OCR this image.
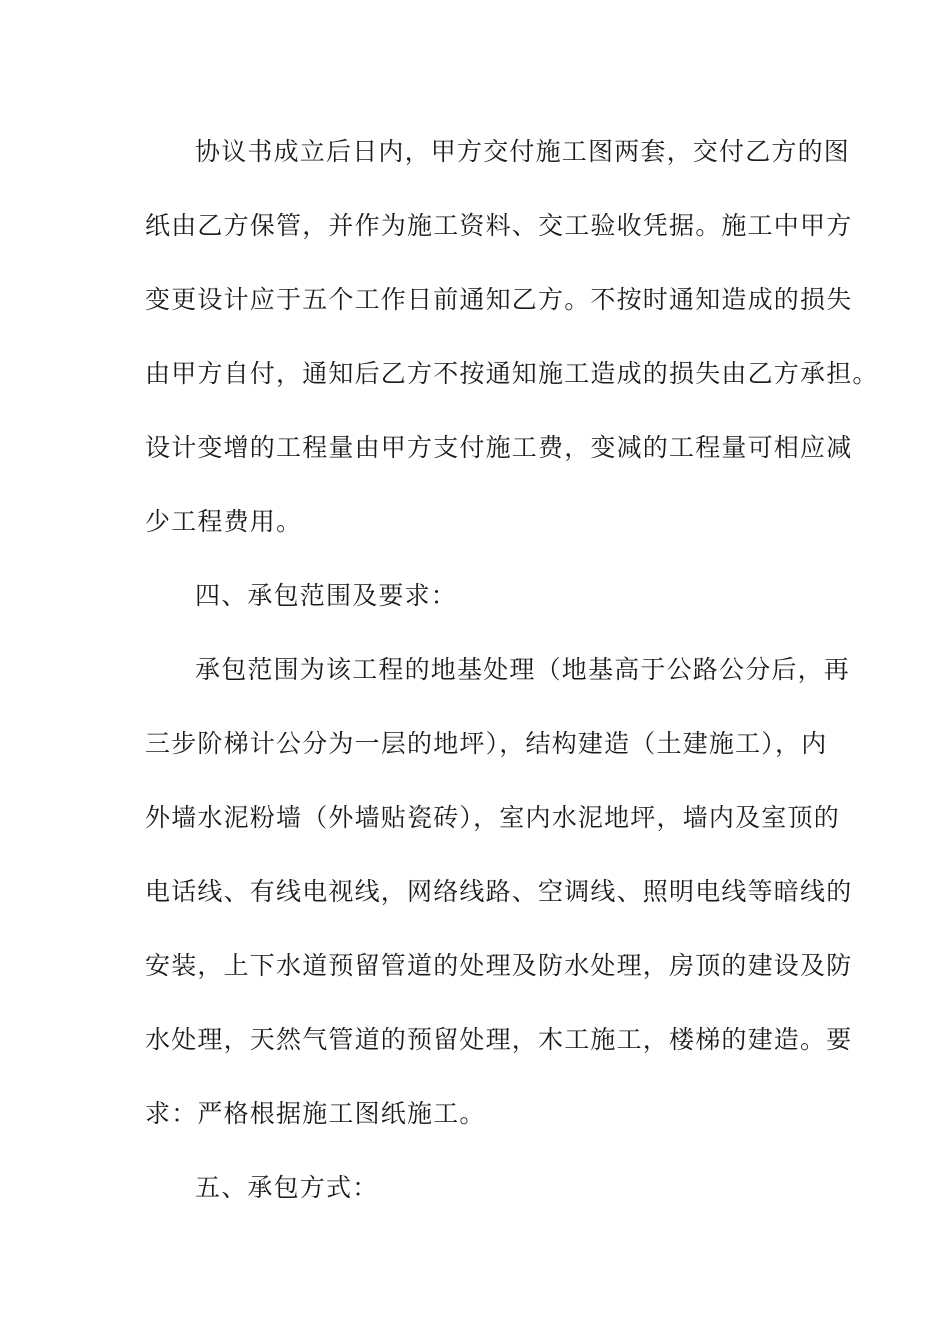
协议书成立后日内，甲方交付施工图两套，交付乙方的图
纸由乙方保管，并作为施工资料、交工验收凭据。施工中甲方
变更设计应于五个工作日前通知乙方。不按时通知造成的损失
由甲方自付，通知后乙方不按通知施工造成的损失由乙方承担。
设计变增的工程量由甲方支付施工费，变减的工程量可相应减
少工程费用。
四、承包范围及要求：
承包范围为该工程的地基处理（地基高于公路公分后，再
三步阶梯计公分为一层的地坪），结构建造（土建施工），内
外墙水泥粉墙（外墙贴瓷砖），室内水泥地坪，墙内及室顶的
电话线、有线电视线，网络线路、空调线、照明电线等暗线的
安装，上下水道预留管道的处理及防水处理，房顶的建设及防
水处理，天然气管道的预留处理，木工施工，楼梯的建造。要
求：严格根据施工图纸施工。
五、承包方式：
